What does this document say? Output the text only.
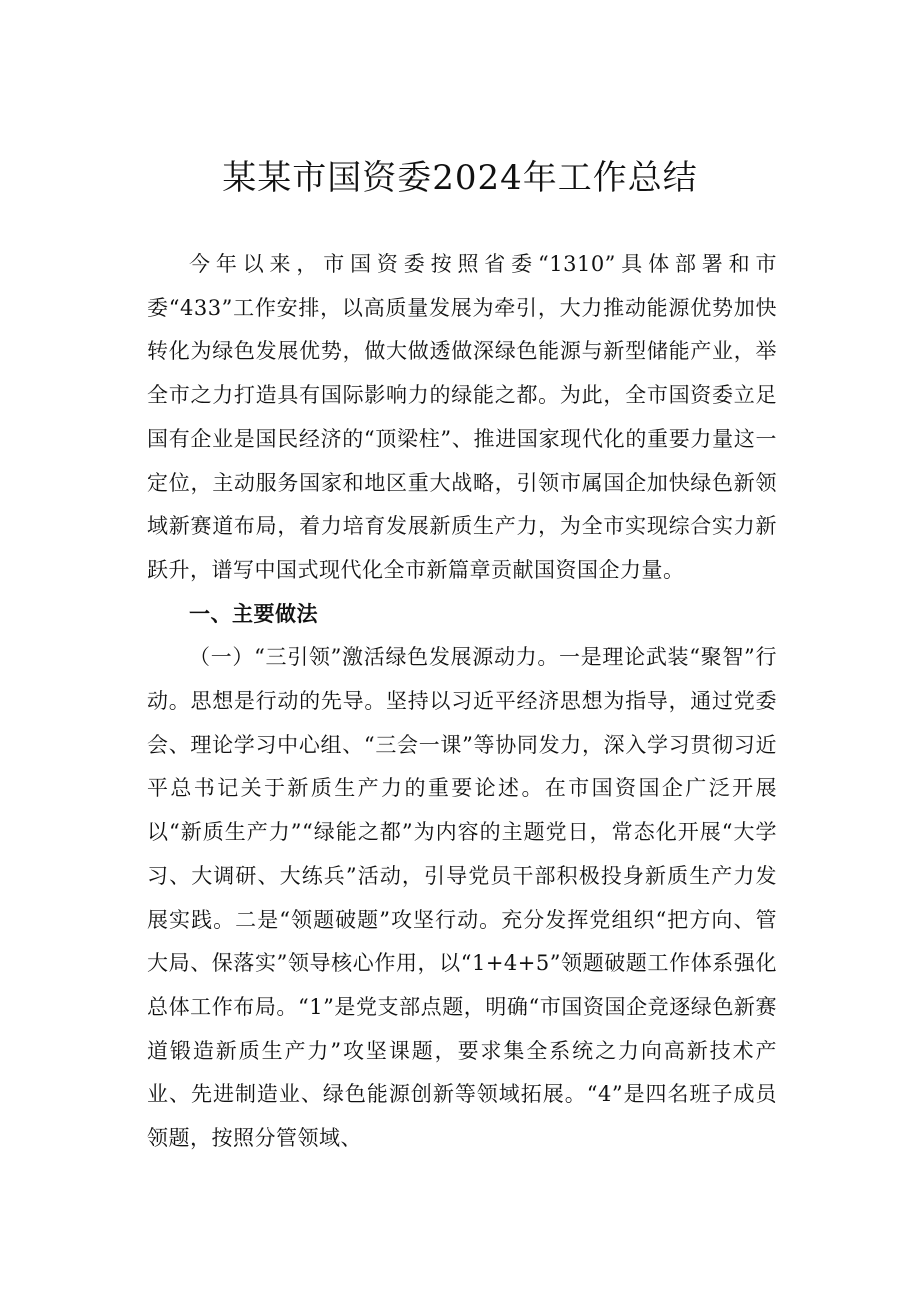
某某市国资委2024年工作总结

今年以来，市国资委按照省委“1310”具体部署和市委“433”工作安排，以高质量发展为牵引，大力推动能源优势加快转化为绿色发展优势，做大做透做深绿色能源与新型储能产业，举全市之力打造具有国际影响力的绿能之都。为此，全市国资委立足国有企业是国民经济的“顶梁柱”、推进国家现代化的重要力量这一定位，主动服务国家和地区重大战略，引领市属国企加快绿色新领域新赛道布局，着力培育发展新质生产力，为全市实现综合实力新跃升，谱写中国式现代化全市新篇章贡献国资国企力量。

一、主要做法

（一）“三引领”激活绿色发展源动力。一是理论武装“聚智”行动。思想是行动的先导。坚持以习近平经济思想为指导，通过党委会、理论学习中心组、“三会一课”等协同发力，深入学习贯彻习近平总书记关于新质生产力的重要论述。在市国资国企广泛开展以“新质生产力”“绿能之都”为内容的主题党日，常态化开展“大学习、大调研、大练兵”活动，引导党员干部积极投身新质生产力发展实践。二是“领题破题”攻坚行动。充分发挥党组织“把方向、管大局、保落实”领导核心作用，以“1+4+5”领题破题工作体系强化总体工作布局。“1”是党支部点题，明确“市国资国企竞逐绿色新赛道锻造新质生产力”攻坚课题，要求集全系统之力向高新技术产业、先进制造业、绿色能源创新等领域拓展。“4”是四名班子成员领题，按照分管领域、
